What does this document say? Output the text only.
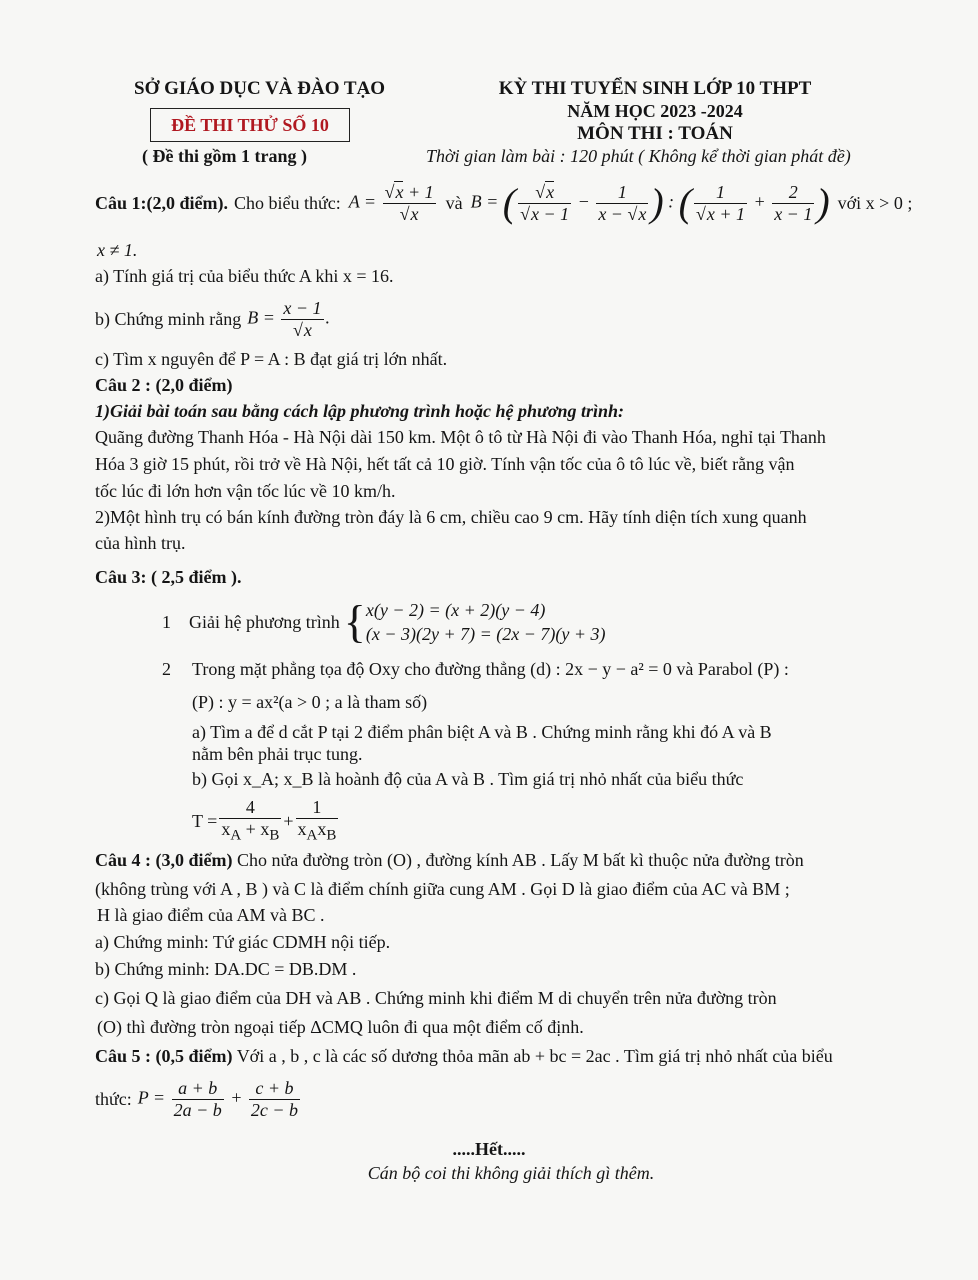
SỞ GIÁO DỤC VÀ ĐÀO TẠO
ĐỀ THI THỬ SỐ 10
( Đề thi gồm 1 trang )
KỲ THI TUYỂN SINH LỚP 10 THPT
NĂM HỌC 2023 -2024
MÔN THI : TOÁN
Thời gian làm bài : 120 phút ( Không kể thời gian phát đề)
Câu 1:(2,0 điểm). Cho biểu thức: $A = \frac{√x + 1}{√x}$ và B = ( $\frac{√x}{√x - 1} - \frac{1}{x - √x}$ ) : ( $\frac{1}{√x + 1} + \frac{2}{x - 1}$ ) với x > 0 ;
x ≠ 1.
a) Tính giá trị của biểu thức A khi x = 16.
b) Chứng minh rằng $B = \frac{x - 1}{√x}$ .
c) Tìm x nguyên để P = A : B đạt giá trị lớn nhất.
Câu 2 : (2,0 điểm)
1)Giải bài toán sau bằng cách lập phương trình hoặc hệ phương trình:
Quãng đường Thanh Hóa - Hà Nội dài 150 km. Một ô tô từ Hà Nội đi vào Thanh Hóa, nghỉ tại Thanh
Hóa 3 giờ 15 phút, rồi trở về Hà Nội, hết tất cả 10 giờ. Tính vận tốc của ô tô lúc về, biết rằng vận
tốc lúc đi lớn hơn vận tốc lúc về 10 km/h.
2)Một hình trụ có bán kính đường tròn đáy là 6 cm, chiều cao 9 cm. Hãy tính diện tích xung quanh
của hình trụ.
Câu 3: ( 2,5 điểm ).
1 Giải hệ phương trình { x(y − 2) = (x + 2)(y − 4)
(x − 3)(2y + 7) = (2x − 7)(y + 3)
2 Trong mặt phẳng tọa độ Oxy cho đường thẳng (d) : 2x − y − a² = 0 và Parabol (P) :
(P) : y = ax²(a > 0 ; a là tham số)
a) Tìm a để d cắt P tại 2 điểm phân biệt A và B . Chứng minh rằng khi đó A và B
nằm bên phải trục tung.
b) Gọi x_A; x_B là hoành độ của A và B . Tìm giá trị nhỏ nhất của biểu thức
$T = \frac{4}{x_A + x_B} + \frac{1}{x_Ax_B}$
Câu 4 : (3,0 điểm) Cho nửa đường tròn (O) , đường kính AB . Lấy M bất kì thuộc nửa đường tròn
(không trùng với A , B ) và C là điểm chính giữa cung AM . Gọi D là giao điểm của AC và BM ;
H là giao điểm của AM và BC .
a) Chứng minh: Tứ giác CDMH nội tiếp.
b) Chứng minh: DA.DC = DB.DM .
c) Gọi Q là giao điểm của DH và AB . Chứng minh khi điểm M di chuyển trên nửa đường tròn
(O) thì đường tròn ngoại tiếp ΔCMQ luôn đi qua một điểm cố định.
Câu 5 : (0,5 điểm) Với a , b , c là các số dương thỏa mãn ab + bc = 2ac . Tìm giá trị nhỏ nhất của biểu
thức: $P = \frac{a + b}{2a - b} + \frac{c + b}{2c - b}$
.....Hết.....
Cán bộ coi thi không giải thích gì thêm.
